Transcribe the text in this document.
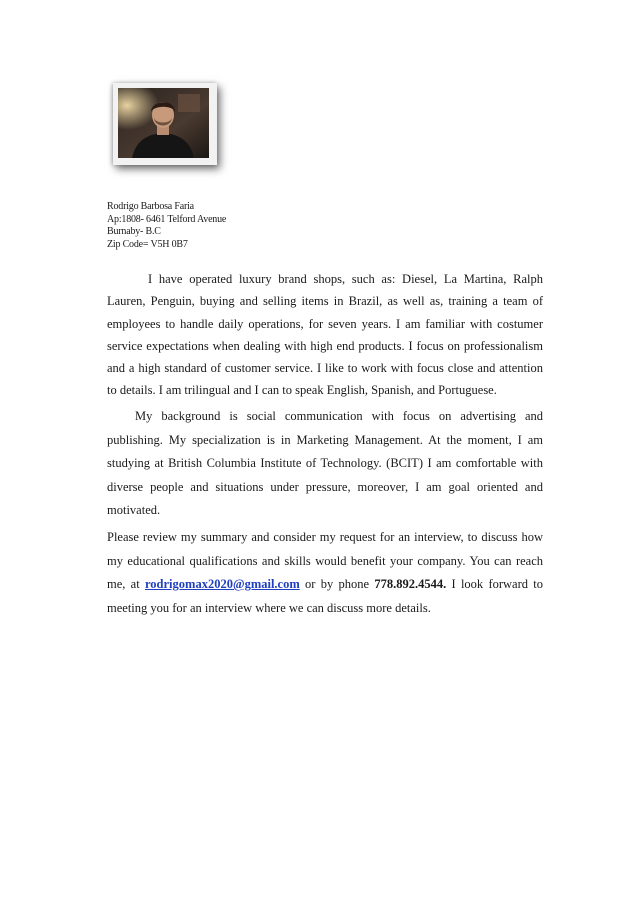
Rodrigo Barbosa Faria
Ap:1808- 6461 Telford Avenue
Burnaby- B.C
Zip Code= V5H 0B7
I have operated luxury brand shops, such as: Diesel, La Martina, Ralph
Lauren, Penguin, buying and selling items in Brazil, as well as, training a team of
employees to handle daily operations, for seven years. I am familiar with costumer
service expectations when dealing with high end products. I focus on professionalism
and a high standard of customer service. I like to work with focus close and attention
to details. I am trilingual and I can to speak English, Spanish, and Portuguese.
My background is social communication with focus on advertising and
publishing. My specialization is in Marketing Management. At the moment, I am
studying at British Columbia Institute of Technology. (BCIT) I am comfortable with
diverse people and situations under pressure, moreover, I am goal oriented and
motivated.
Please review my summary and consider my request for an interview, to discuss how
my educational qualifications and skills would benefit your company. You can reach
me, at rodrigomax2020@gmail.com or by phone 778.892.4544. I look forward to
meeting you for an interview where we can discuss more details.
